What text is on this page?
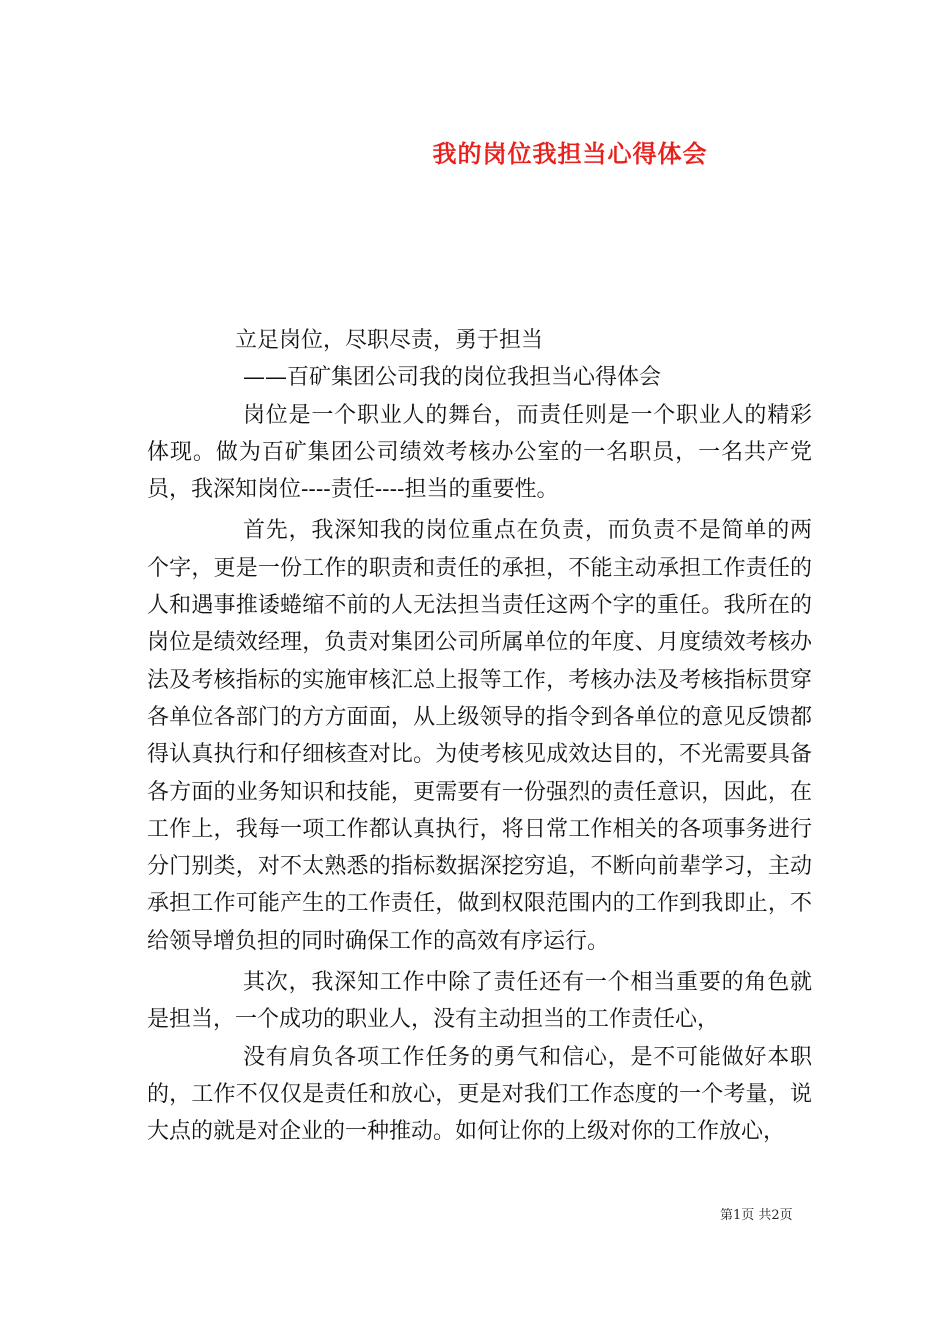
我的岗位我担当心得体会

立足岗位，尽职尽责，勇于担当

——百矿集团公司我的岗位我担当心得体会

岗位是一个职业人的舞台，而责任则是一个职业人的精彩体现。做为百矿集团公司绩效考核办公室的一名职员，一名共产党员，我深知岗位----责任----担当的重要性。

首先，我深知我的岗位重点在负责，而负责不是简单的两个字，更是一份工作的职责和责任的承担，不能主动承担工作责任的人和遇事推诿蜷缩不前的人无法担当责任这两个字的重任。我所在的岗位是绩效经理，负责对集团公司所属单位的年度、月度绩效考核办法及考核指标的实施审核汇总上报等工作，考核办法及考核指标贯穿各单位各部门的方方面面，从上级领导的指令到各单位的意见反馈都得认真执行和仔细核查对比。为使考核见成效达目的，不光需要具备各方面的业务知识和技能，更需要有一份强烈的责任意识，因此，在工作上，我每一项工作都认真执行，将日常工作相关的各项事务进行分门别类，对不太熟悉的指标数据深挖穷追，不断向前辈学习，主动承担工作可能产生的工作责任，做到权限范围内的工作到我即止，不给领导增负担的同时确保工作的高效有序运行。

其次，我深知工作中除了责任还有一个相当重要的角色就是担当，一个成功的职业人，没有主动担当的工作责任心，

没有肩负各项工作任务的勇气和信心，是不可能做好本职的，工作不仅仅是责任和放心，更是对我们工作态度的一个考量，说大点的就是对企业的一种推动。如何让你的上级对你的工作放心，

第1页 共2页
